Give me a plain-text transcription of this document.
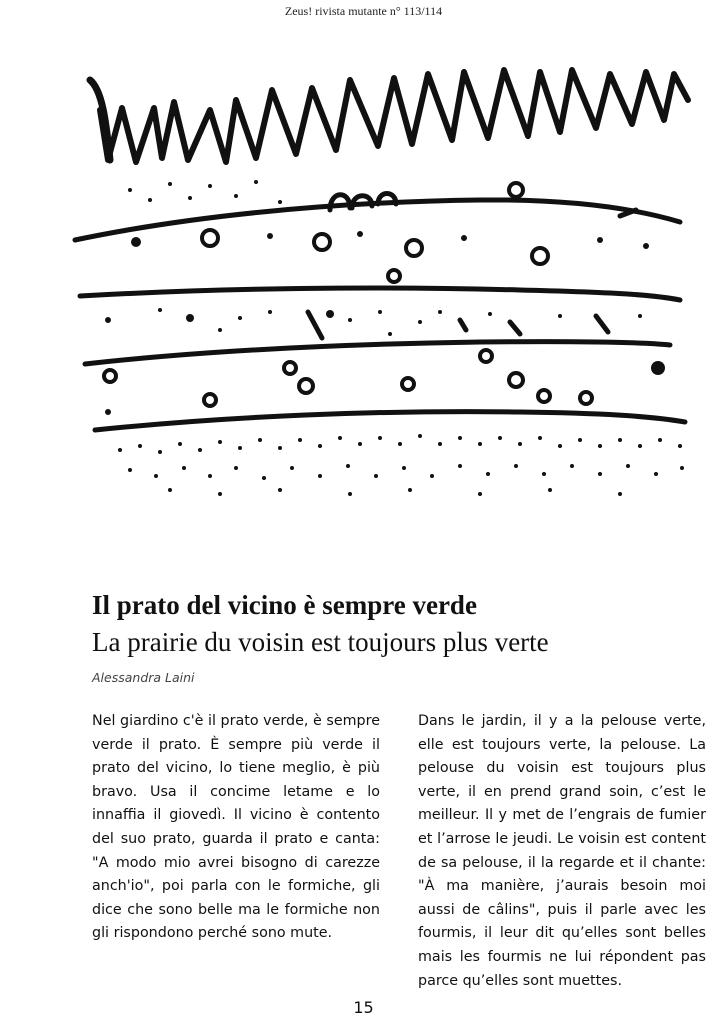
Zeus! rivista mutante n° 113/114
Il prato del vicino è sempre verde
La prairie du voisin est toujours plus verte
Alessandra Laini
Nel giardino c'è il prato verde, è sempre verde il prato. È sempre più verde il prato del vicino, lo tiene meglio, è più bravo. Usa il concime letame e lo innaffia il giovedì. Il vicino è contento del suo prato, guarda il prato e canta: "A modo mio avrei bisogno di carezze anch'io", poi parla con le formiche, gli dice che sono belle ma le formiche non gli rispondono perché sono mute.
Dans le jardin, il y a la pelouse verte, elle est toujours verte, la pelouse. La pelouse du voisin est toujours plus verte, il en prend grand soin, c’est le meilleur. Il y met de l’engrais de fumier et l’arrose le jeudi. Le voisin est content de sa pelouse, il la regarde et il chante: "À ma manière, j’aurais besoin moi aussi de câlins", puis il parle avec les fourmis, il leur dit qu’elles sont belles mais les fourmis ne lui répondent pas parce qu’elles sont muettes.
15
